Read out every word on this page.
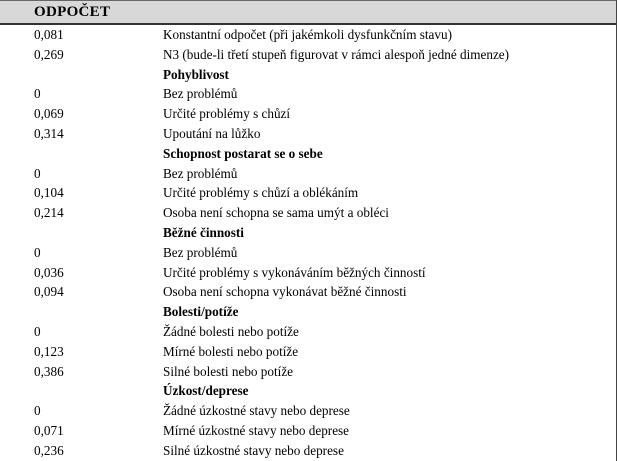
ODPOČET
0,081	Konstantní odpočet (při jakémkoli dysfunkčním stavu)
0,269	N3 (bude-li třetí stupeň figurovat v rámci alespoň jedné dimenze)
Pohyblivost
0	Bez problémů
0,069	Určité problémy s chůzí
0,314	Upoutání na lůžko
Schopnost postarat se o sebe
0	Bez problémů
0,104	Určité problémy s chůzí a oblékáním
0,214	Osoba není schopna se sama umýt a obléci
Běžné činnosti
0	Bez problémů
0,036	Určité problémy s vykonáváním běžných činností
0,094	Osoba není schopna vykonávat běžné činnosti
Bolesti/potíže
0	Žádné bolesti nebo potíže
0,123	Mírné bolesti nebo potíže
0,386	Silné bolesti nebo potíže
Úzkost/deprese
0	Žádné úzkostné stavy nebo deprese
0,071	Mírné úzkostné stavy nebo deprese
0,236	Silné úzkostné stavy nebo deprese
